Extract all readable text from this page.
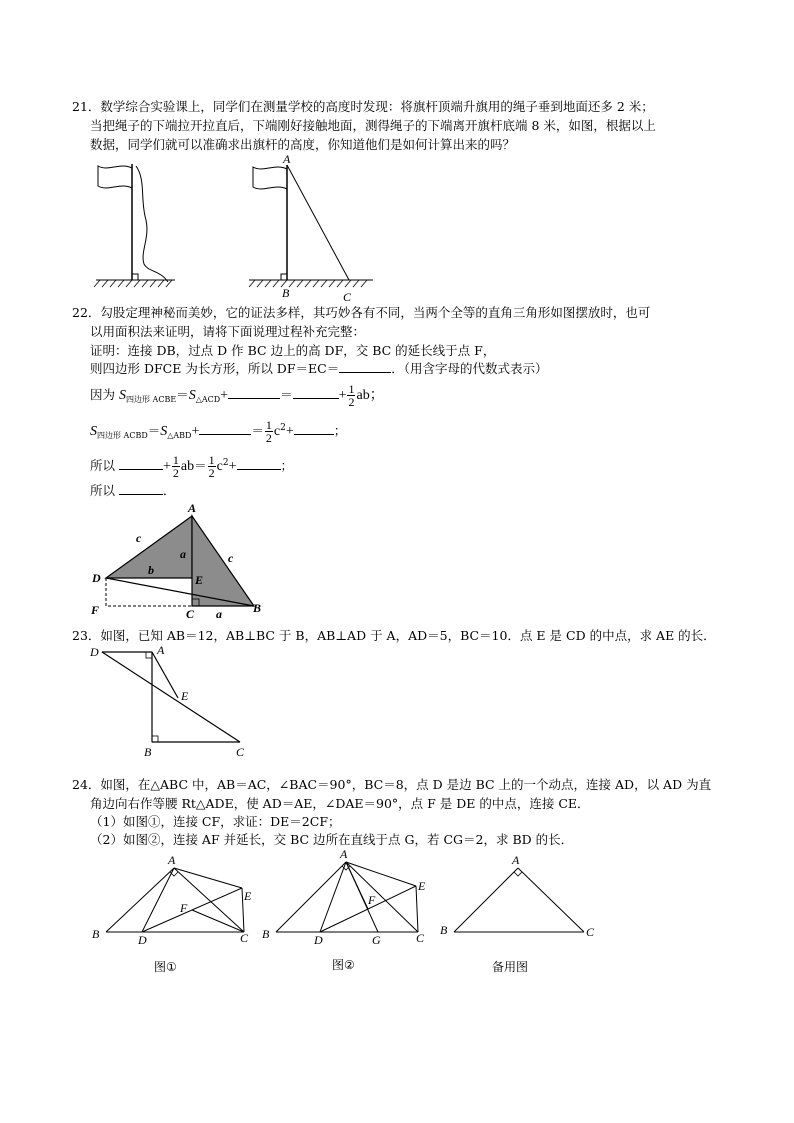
21．数学综合实验课上，同学们在测量学校的高度时发现：将旗杆顶端升旗用的绳子垂到地面还多 2 米；
当把绳子的下端拉开拉直后，下端刚好接触地面，测得绳子的下端离开旗杆底端 8 米，如图，根据以上
数据，同学们就可以准确求出旗杆的高度，你知道他们是如何计算出来的吗？
A
B	C
22．勾股定理神秘而美妙，它的证法多样，其巧妙各有不同，当两个全等的直角三角形如图摆放时，也可
以用面积法来证明，请将下面说理过程补充完整：
证明：连接 DB，过点 D 作 BC 边上的高 DF，交 BC 的延长线于点 F，
则四边形 DFCE 为长方形，所以 DF＝EC＝	．（用含字母的代数式表示）
因为 $S_{四边形 ACBE}=S_{\triangle ACD}+$	＝	+ $\frac{1}{2}$ ab；
$S_{四边形 ACBD}=S_{\triangle ABD}+$	＝ $\frac{1}{2} c^2+$	；
所以	+ $\frac{1}{2} ab= \frac{1}{2} c^2+$	；
所以	．
A
D	E
F	C	B
a
a
b
c
c
23．如图，已知 AB＝12，AB⊥BC 于 B，AB⊥AD 于 A，AD＝5，BC＝10．点 E 是 CD 的中点，求 AE 的长．
D	A
E
B	C
24．如图，在△ABC 中，AB＝AC，∠BAC＝90°，BC＝8，点 D 是边 BC 上的一个动点，连接 AD，以 AD 为直
角边向右作等腰 Rt△ADE，使 AD＝AE，∠DAE＝90°，点 F 是 DE 的中点，连接 CE．
（1）如图①，连接 CF，求证：DE＝2CF；
（2）如图②，连接 AF 并延长，交 BC 边所在直线于点 G，若 CG＝2，求 BD 的长．
A
B	D	C
E
F
图①
A
B	D	G	C
E
F
图②
A
B	C
备用图
